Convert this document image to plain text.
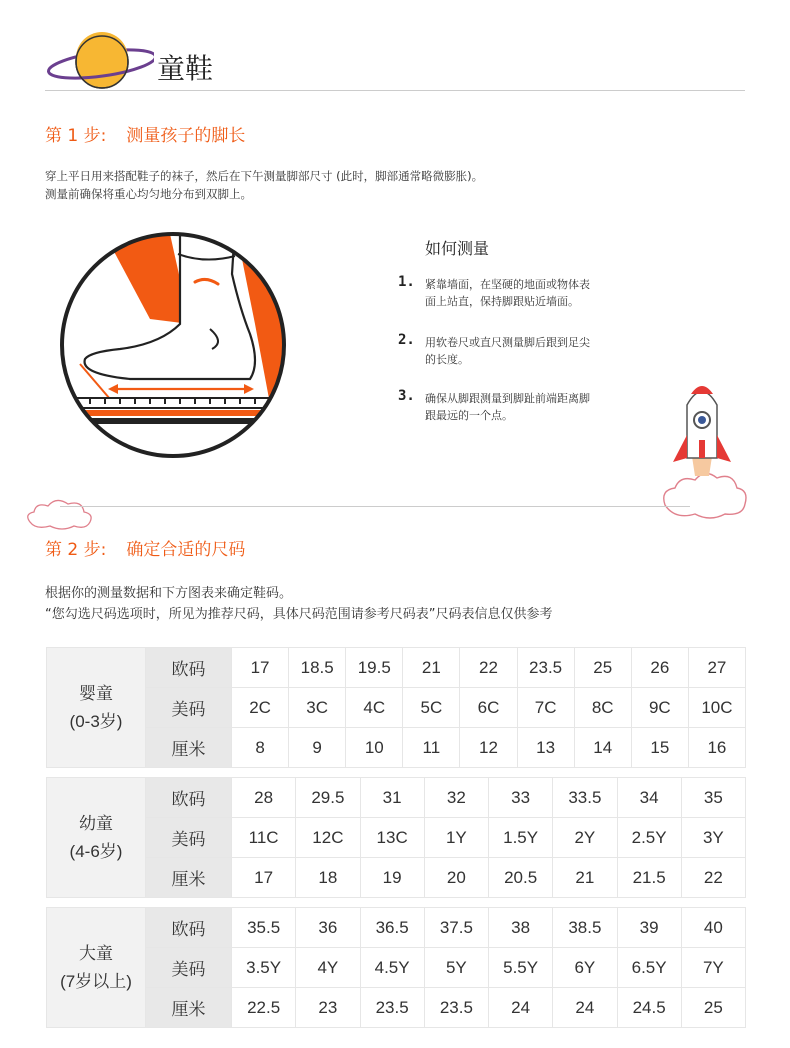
童鞋
第 1 步: 测量孩子的脚长
穿上平日用来搭配鞋子的袜子，然后在下午测量脚部尺寸 (此时，脚部通常略微膨胀)。
测量前确保将重心均匀地分布到双脚上。
如何测量
1. 紧靠墙面，在坚硬的地面或物体表面上站直，保持脚跟贴近墙面。
2. 用软卷尺或直尺测量脚后跟到足尖的长度。
3. 确保从脚跟测量到脚趾前端距离脚跟最远的一个点。
第 2 步: 确定合适的尺码
根据你的测量数据和下方图表来确定鞋码。
“您勾选尺码选项时，所见为推荐尺码，具体尺码范围请参考尺码表”尺码表信息仅供参考
婴童
(0-3岁)	欧码	17	18.5	19.5	21	22	23.5	25	26	27
	美码	2C	3C	4C	5C	6C	7C	8C	9C	10C
	厘米	8	9	10	11	12	13	14	15	16
幼童
(4-6岁)	欧码	28	29.5	31	32	33	33.5	34	35
	美码	11C	12C	13C	1Y	1.5Y	2Y	2.5Y	3Y
	厘米	17	18	19	20	20.5	21	21.5	22
大童
(7岁以上)	欧码	35.5	36	36.5	37.5	38	38.5	39	40
	美码	3.5Y	4Y	4.5Y	5Y	5.5Y	6Y	6.5Y	7Y
	厘米	22.5	23	23.5	23.5	24	24	24.5	25
